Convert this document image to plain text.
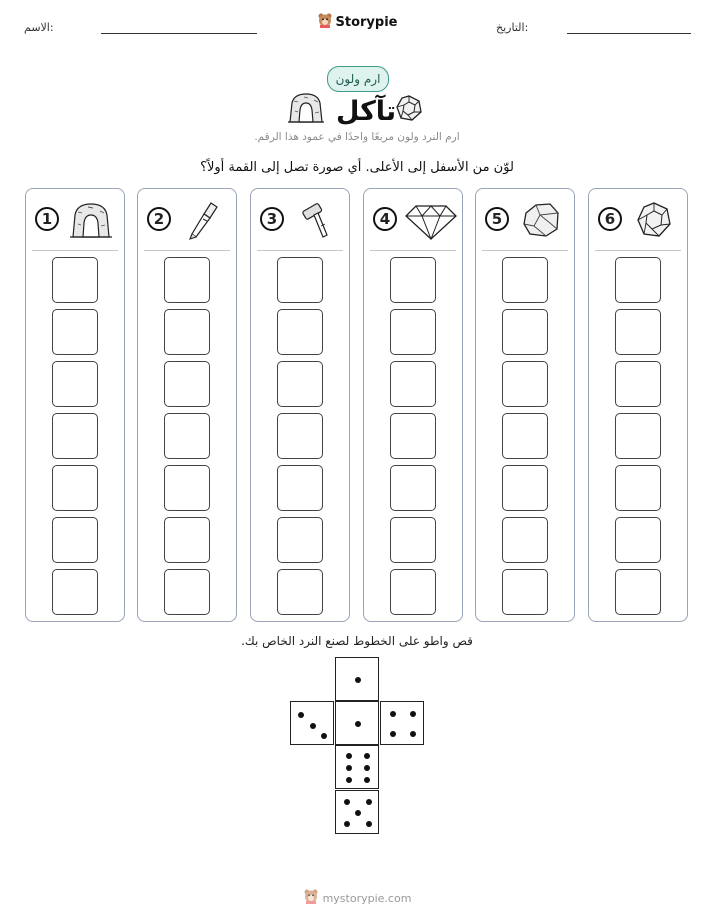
الاسم:	Storypie	التاريخ:
ارم ولون
تآكل
ارم النرد ولون مربعًا واحدًا في عمود هذا الرقم.
لوّن من الأسفل إلى الأعلى. أي صورة تصل إلى القمة أولاً؟
1	2	3	4	5	6
قص واطو على الخطوط لصنع النرد الخاص بك.
mystorypie.com
